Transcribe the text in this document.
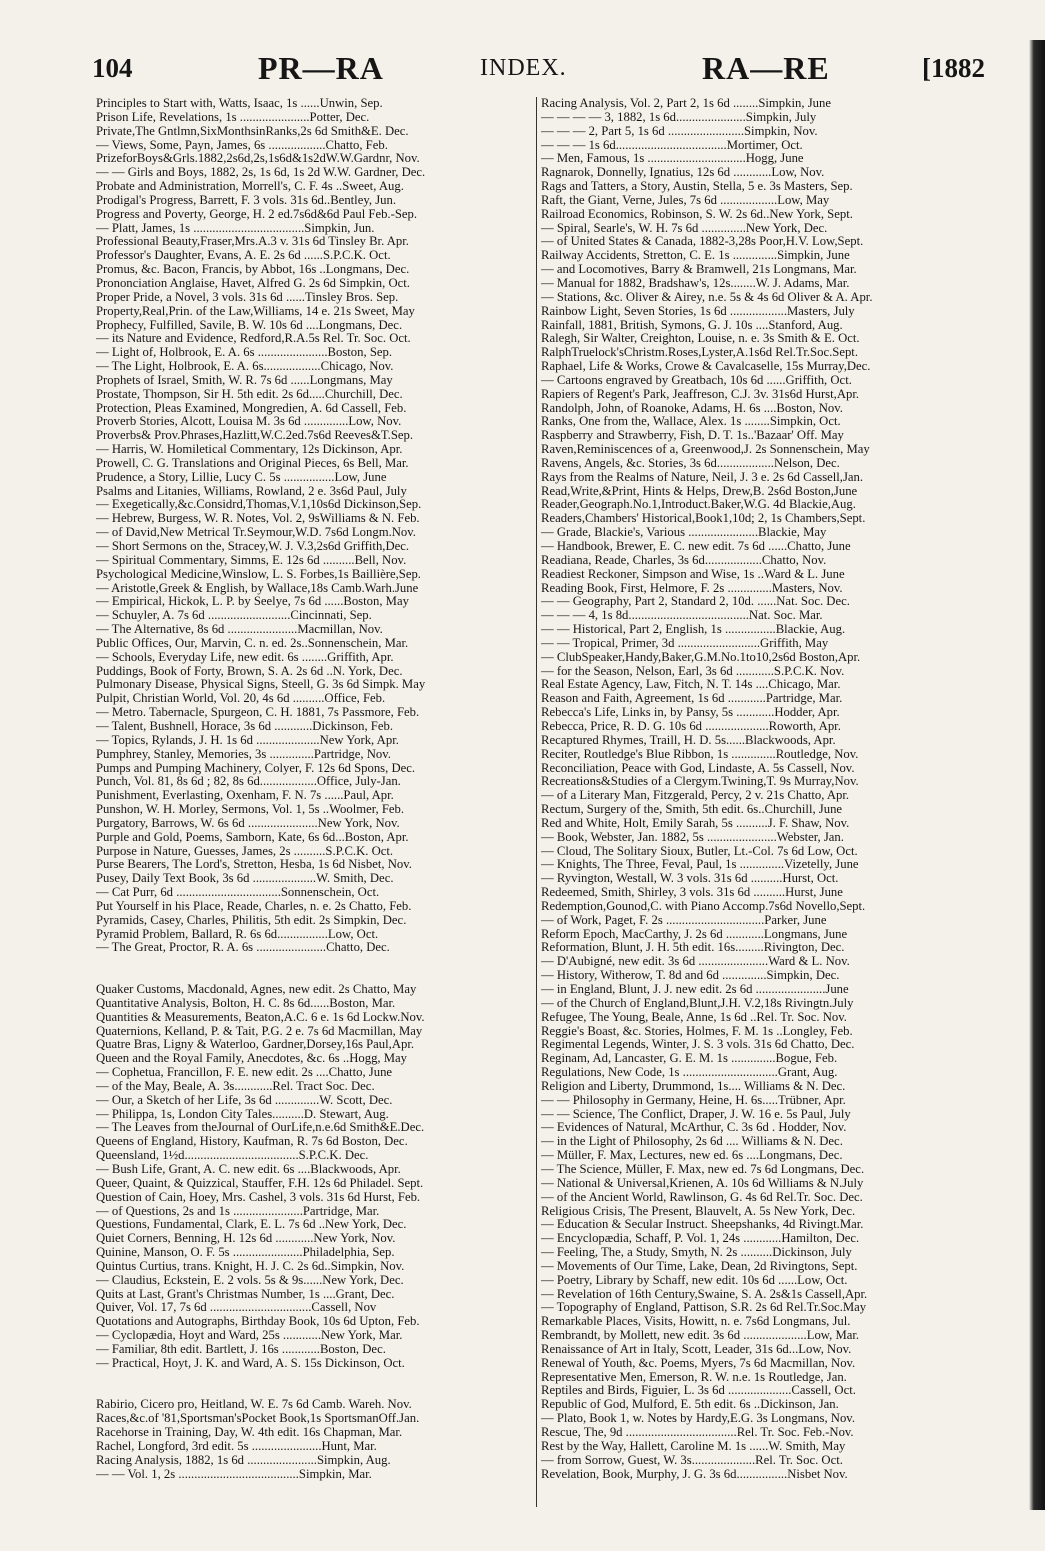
104	PR—RA	INDEX.	RA—RE	[1882
Principles to Start with, Watts, Isaac, 1s ......Unwin, Sep.
Prison Life, Revelations, 1s ......................Potter, Dec.
Private,The Gntlmn,SixMonthsinRanks,2s 6d Smith&E. Dec.
— Views, Some, Payn, James, 6s ..................Chatto, Feb.
PrizeforBoys&Grls.1882,2s6d,2s,1s6d&1s2dW.W.Gardnr, Nov.
— — Girls and Boys, 1882, 2s, 1s 6d, 1s 2d W.W. Gardner, Dec.
Probate and Administration, Morrell's, C. F. 4s ..Sweet, Aug.
Prodigal's Progress, Barrett, F. 3 vols. 31s 6d..Bentley, Jun.
Progress and Poverty, George, H. 2 ed.7s6d&6d Paul Feb.-Sep.
— Platt, James, 1s ...................................Simpkin, Jun.
Professional Beauty,Fraser,Mrs.A.3 v. 31s 6d Tinsley Br. Apr.
Professor's Daughter, Evans, A. E. 2s 6d ......S.P.C.K. Oct.
Promus, &c. Bacon, Francis, by Abbot, 16s ..Longmans, Dec.
Prononciation Anglaise, Havet, Alfred G. 2s 6d Simpkin, Oct.
Proper Pride, a Novel, 3 vols. 31s 6d ......Tinsley Bros. Sep.
Property,Real,Prin. of the Law,Williams, 14 e. 21s Sweet, May
Prophecy, Fulfilled, Savile, B. W. 10s 6d ....Longmans, Dec.
— its Nature and Evidence, Redford,R.A.5s Rel. Tr. Soc. Oct.
— Light of, Holbrook, E. A. 6s ......................Boston, Sep.
— The Light, Holbrook, E. A. 6s..................Chicago, Nov.
Prophets of Israel, Smith, W. R. 7s 6d ......Longmans, May
Prostate, Thompson, Sir H. 5th edit. 2s 6d.....Churchill, Dec.
Protection, Pleas Examined, Mongredien, A. 6d Cassell, Feb.
Proverb Stories, Alcott, Louisa M. 3s 6d ..............Low, Nov.
Proverbs& Prov.Phrases,Hazlitt,W.C.2ed.7s6d Reeves&T.Sep.
— Harris, W. Homiletical Commentary, 12s Dickinson, Apr.
Prowell, C. G. Translations and Original Pieces, 6s Bell, Mar.
Prudence, a Story, Lillie, Lucy C. 5s ................Low, June
Psalms and Litanies, Williams, Rowland, 2 e. 3s6d Paul, July
— Exegetically,&c.Considrd,Thomas,V.1,10s6d Dickinson,Sep.
— Hebrew, Burgess, W. R. Notes, Vol. 2, 9sWilliams & N. Feb.
— of David,New Metrical Tr.Seymour,W.D. 7s6d Longm.Nov.
— Short Sermons on the, Stracey,W. J. V.3,2s6d Griffith,Dec.
— Spiritual Commentary, Simms, E. 12s 6d ..........Bell, Nov.
Psychological Medicine,Winslow, L. S. Forbes,1s Baillière,Sep.
— Aristotle,Greek & English, by Wallace,18s Camb.Warh.June
— Empirical, Hickok, L. P. by Seelye, 7s 6d ......Boston, May
— Schuyler, A. 7s 6d ..........................Cincinnati, Sep.
— The Alternative, 8s 6d ......................Macmillan, Nov.
Public Offices, Our, Marvin, C. n. ed. 2s..Sonnenschein, Mar.
— Schools, Everyday Life, new edit. 6s ........Griffith, Apr.
Puddings, Book of Forty, Brown, S. A. 2s 6d ..N. York, Dec.
Pulmonary Disease, Physical Signs, Steell, G. 3s 6d Simpk. May
Pulpit, Christian World, Vol. 20, 4s 6d ..........Office, Feb.
— Metro. Tabernacle, Spurgeon, C. H. 1881, 7s Passmore, Feb.
— Talent, Bushnell, Horace, 3s 6d ............Dickinson, Feb.
— Topics, Rylands, J. H. 1s 6d ....................New York, Apr.
Pumphrey, Stanley, Memories, 3s ..............Partridge, Nov.
Pumps and Pumping Machinery, Colyer, F. 12s 6d Spons, Dec.
Punch, Vol. 81, 8s 6d ; 82, 8s 6d..................Office, July-Jan.
Punishment, Everlasting, Oxenham, F. N. 7s ......Paul, Apr.
Punshon, W. H. Morley, Sermons, Vol. 1, 5s ..Woolmer, Feb.
Purgatory, Barrows, W. 6s 6d ......................New York, Nov.
Purple and Gold, Poems, Samborn, Kate, 6s 6d...Boston, Apr.
Purpose in Nature, Guesses, James, 2s ..........S.P.C.K. Oct.
Purse Bearers, The Lord's, Stretton, Hesba, 1s 6d Nisbet, Nov.
Pusey, Daily Text Book, 3s 6d ....................W. Smith, Dec.
— Cat Purr, 6d .................................Sonnenschein, Oct.
Put Yourself in his Place, Reade, Charles, n. e. 2s Chatto, Feb.
Pyramids, Casey, Charles, Philitis, 5th edit. 2s Simpkin, Dec.
Pyramid Problem, Ballard, R. 6s 6d................Low, Oct.
— The Great, Proctor, R. A. 6s ......................Chatto, Dec.
Quaker Customs, Macdonald, Agnes, new edit. 2s Chatto, May
Quantitative Analysis, Bolton, H. C. 8s 6d......Boston, Mar.
Quantities & Measurements, Beaton,A.C. 6 e. 1s 6d Lockw.Nov.
Quaternions, Kelland, P. & Tait, P.G. 2 e. 7s 6d Macmillan, May
Quatre Bras, Ligny & Waterloo, Gardner,Dorsey,16s Paul,Apr.
Queen and the Royal Family, Anecdotes, &c. 6s ..Hogg, May
— Cophetua, Francillon, F. E. new edit. 2s ....Chatto, June
— of the May, Beale, A. 3s............Rel. Tract Soc. Dec.
— Our, a Sketch of her Life, 3s 6d ..............W. Scott, Dec.
— Philippa, 1s, London City Tales..........D. Stewart, Aug.
— The Leaves from theJournal of OurLife,n.e.6d Smith&E.Dec.
Queens of England, History, Kaufman, R. 7s 6d Boston, Dec.
Queensland, 1½d....................................S.P.C.K. Dec.
— Bush Life, Grant, A. C. new edit. 6s ....Blackwoods, Apr.
Queer, Quaint, & Quizzical, Stauffer, F.H. 12s 6d Philadel. Sept.
Question of Cain, Hoey, Mrs. Cashel, 3 vols. 31s 6d Hurst, Feb.
— of Questions, 2s and 1s ......................Partridge, Mar.
Questions, Fundamental, Clark, E. L. 7s 6d ..New York, Dec.
Quiet Corners, Benning, H. 12s 6d ............New York, Nov.
Quinine, Manson, O. F. 5s ......................Philadelphia, Sep.
Quintus Curtius, trans. Knight, H. J. C. 2s 6d..Simpkin, Nov.
— Claudius, Eckstein, E. 2 vols. 5s & 9s......New York, Dec.
Quits at Last, Grant's Christmas Number, 1s ....Grant, Dec.
Quiver, Vol. 17, 7s 6d ................................Cassell, Nov
Quotations and Autographs, Birthday Book, 10s 6d Upton, Feb.
— Cyclopædia, Hoyt and Ward, 25s ............New York, Mar.
— Familiar, 8th edit. Bartlett, J. 16s ............Boston, Dec.
— Practical, Hoyt, J. K. and Ward, A. S. 15s Dickinson, Oct.
Rabirio, Cicero pro, Heitland, W. E. 7s 6d Camb. Wareh. Nov.
Races,&c.of '81,Sportsman'sPocket Book,1s SportsmanOff.Jan.
Racehorse in Training, Day, W. 4th edit. 16s Chapman, Mar.
Rachel, Longford, 3rd edit. 5s ......................Hunt, Mar.
Racing Analysis, 1882, 1s 6d ......................Simpkin, Aug.
— — Vol. 1, 2s ......................................Simpkin, Mar.
Racing Analysis, Vol. 2, Part 2, 1s 6d ........Simpkin, June
— — — — 3, 1882, 1s 6d......................Simpkin, July
— — — 2, Part 5, 1s 6d ........................Simpkin, Nov.
— — — 1s 6d...................................Mortimer, Oct.
— Men, Famous, 1s ...............................Hogg, June
Ragnarok, Donnelly, Ignatius, 12s 6d ............Low, Nov.
Rags and Tatters, a Story, Austin, Stella, 5 e. 3s Masters, Sep.
Raft, the Giant, Verne, Jules, 7s 6d ..................Low, May
Railroad Economics, Robinson, S. W. 2s 6d..New York, Sept.
— Spiral, Searle's, W. H. 7s 6d ..............New York, Dec.
— of United States & Canada, 1882-3,28s Poor,H.V. Low,Sept.
Railway Accidents, Stretton, C. E. 1s ..............Simpkin, June
— and Locomotives, Barry & Bramwell, 21s Longmans, Mar.
— Manual for 1882, Bradshaw's, 12s........W. J. Adams, Mar.
— Stations, &c. Oliver & Airey, n.e. 5s & 4s 6d Oliver & A. Apr.
Rainbow Light, Seven Stories, 1s 6d ..................Masters, July
Rainfall, 1881, British, Symons, G. J. 10s ....Stanford, Aug.
Ralegh, Sir Walter, Creighton, Louise, n. e. 3s Smith & E. Oct.
RalphTruelock'sChristm.Roses,Lyster,A.1s6d Rel.Tr.Soc.Sept.
Raphael, Life & Works, Crowe & Cavalcaselle, 15s Murray,Dec.
— Cartoons engraved by Greatbach, 10s 6d ......Griffith, Oct.
Rapiers of Regent's Park, Jeaffreson, C.J. 3v. 31s6d Hurst,Apr.
Randolph, John, of Roanoke, Adams, H. 6s ....Boston, Nov.
Ranks, One from the, Wallace, Alex. 1s ........Simpkin, Oct.
Raspberry and Strawberry, Fish, D. T. 1s..'Bazaar' Off. May
Raven,Reminiscences of a, Greenwood,J. 2s Sonnenschein, May
Ravens, Angels, &c. Stories, 3s 6d..................Nelson, Dec.
Rays from the Realms of Nature, Neil, J. 3 e. 2s 6d Cassell,Jan.
Read,Write,&Print, Hints & Helps, Drew,B. 2s6d Boston,June
Reader,Geograph.No.1,Introduct.Baker,W.G. 4d Blackie,Aug.
Readers,Chambers' Historical,Book1,10d; 2, 1s Chambers,Sept.
— Grade, Blackie's, Various ......................Blackie, May
— Handbook, Brewer, E. C. new edit. 7s 6d ......Chatto, June
Readiana, Reade, Charles, 3s 6d..................Chatto, Nov.
Readiest Reckoner, Simpson and Wise, 1s ..Ward & L. June
Reading Book, First, Helmore, F. 2s ..............Masters, Nov.
— — Geography, Part 2, Standard 2, 10d. ......Nat. Soc. Dec.
— — — 4, 1s 8d......................................Nat. Soc. Mar.
— — Historical, Part 2, English, 1s ................Blackie, Aug.
— — Tropical, Primer, 3d ..........................Griffith, May
— ClubSpeaker,Handy,Baker,G.M.No.1to10,2s6d Boston,Apr.
— for the Season, Nelson, Earl, 3s 6d ............S.P.C.K. Nov.
Real Estate Agency, Law, Fitch, N. T. 14s ....Chicago, Mar.
Reason and Faith, Agreement, 1s 6d ............Partridge, Mar.
Rebecca's Life, Links in, by Pansy, 5s ............Hodder, Apr.
Rebecca, Price, R. D. G. 10s 6d ....................Roworth, Apr.
Recaptured Rhymes, Traill, H. D. 5s......Blackwoods, Apr.
Reciter, Routledge's Blue Ribbon, 1s ..............Routledge, Nov.
Reconciliation, Peace with God, Lindaste, A. 5s Cassell, Nov.
Recreations&Studies of a Clergym.Twining,T. 9s Murray,Nov.
— of a Literary Man, Fitzgerald, Percy, 2 v. 21s Chatto, Apr.
Rectum, Surgery of the, Smith, 5th edit. 6s..Churchill, June
Red and White, Holt, Emily Sarah, 5s ..........J. F. Shaw, Nov.
— Book, Webster, Jan. 1882, 5s ......................Webster, Jan.
— Cloud, The Solitary Sioux, Butler, Lt.-Col. 7s 6d Low, Oct.
— Knights, The Three, Feval, Paul, 1s ..............Vizetelly, June
— Ryvington, Westall, W. 3 vols. 31s 6d ..........Hurst, Oct.
Redeemed, Smith, Shirley, 3 vols. 31s 6d ..........Hurst, June
Redemption,Gounod,C. with Piano Accomp.7s6d Novello,Sept.
— of Work, Paget, F. 2s ...............................Parker, June
Reform Epoch, MacCarthy, J. 2s 6d ............Longmans, June
Reformation, Blunt, J. H. 5th edit. 16s.........Rivington, Dec.
— D'Aubigné, new edit. 3s 6d ......................Ward & L. Nov.
— History, Witherow, T. 8d and 6d ..............Simpkin, Dec.
— in England, Blunt, J. J. new edit. 2s 6d ......................June
— of the Church of England,Blunt,J.H. V.2,18s Rivingtn.July
Refugee, The Young, Beale, Anne, 1s 6d ..Rel. Tr. Soc. Nov.
Reggie's Boast, &c. Stories, Holmes, F. M. 1s ..Longley, Feb.
Regimental Legends, Winter, J. S. 3 vols. 31s 6d Chatto, Dec.
Reginam, Ad, Lancaster, G. E. M. 1s ..............Bogue, Feb.
Regulations, New Code, 1s ..............................Grant, Aug.
Religion and Liberty, Drummond, 1s.... Williams & N. Dec.
— — Philosophy in Germany, Heine, H. 6s.....Trübner, Apr.
— — Science, The Conflict, Draper, J. W. 16 e. 5s Paul, July
— Evidences of Natural, McArthur, C. 3s 6d . Hodder, Nov.
— in the Light of Philosophy, 2s 6d .... Williams & N. Dec.
— Müller, F. Max, Lectures, new ed. 6s ....Longmans, Dec.
— The Science, Müller, F. Max, new ed. 7s 6d Longmans, Dec.
— National & Universal,Krienen, A. 10s 6d Williams & N.July
— of the Ancient World, Rawlinson, G. 4s 6d Rel.Tr. Soc. Dec.
Religious Crisis, The Present, Blauvelt, A. 5s New York, Dec.
— Education & Secular Instruct. Sheepshanks, 4d Rivingt.Mar.
— Encyclopædia, Schaff, P. Vol. 1, 24s ............Hamilton, Dec.
— Feeling, The, a Study, Smyth, N. 2s ..........Dickinson, July
— Movements of Our Time, Lake, Dean, 2d Rivingtons, Sept.
— Poetry, Library by Schaff, new edit. 10s 6d ......Low, Oct.
— Revelation of 16th Century,Swaine, S. A. 2s&1s Cassell,Apr.
— Topography of England, Pattison, S.R. 2s 6d Rel.Tr.Soc.May
Remarkable Places, Visits, Howitt, n. e. 7s6d Longmans, Jul.
Rembrandt, by Mollett, new edit. 3s 6d ....................Low, Mar.
Renaissance of Art in Italy, Scott, Leader, 31s 6d...Low, Nov.
Renewal of Youth, &c. Poems, Myers, 7s 6d Macmillan, Nov.
Representative Men, Emerson, R. W. n.e. 1s Routledge, Jan.
Reptiles and Birds, Figuier, L. 3s 6d ....................Cassell, Oct.
Republic of God, Mulford, E. 5th edit. 6s ..Dickinson, Jan.
— Plato, Book 1, w. Notes by Hardy,E.G. 3s Longmans, Nov.
Rescue, The, 9d ...................................Rel. Tr. Soc. Feb.-Nov.
Rest by the Way, Hallett, Caroline M. 1s ......W. Smith, May
— from Sorrow, Guest, W. 3s....................Rel. Tr. Soc. Oct.
Revelation, Book, Murphy, J. G. 3s 6d................Nisbet Nov.
